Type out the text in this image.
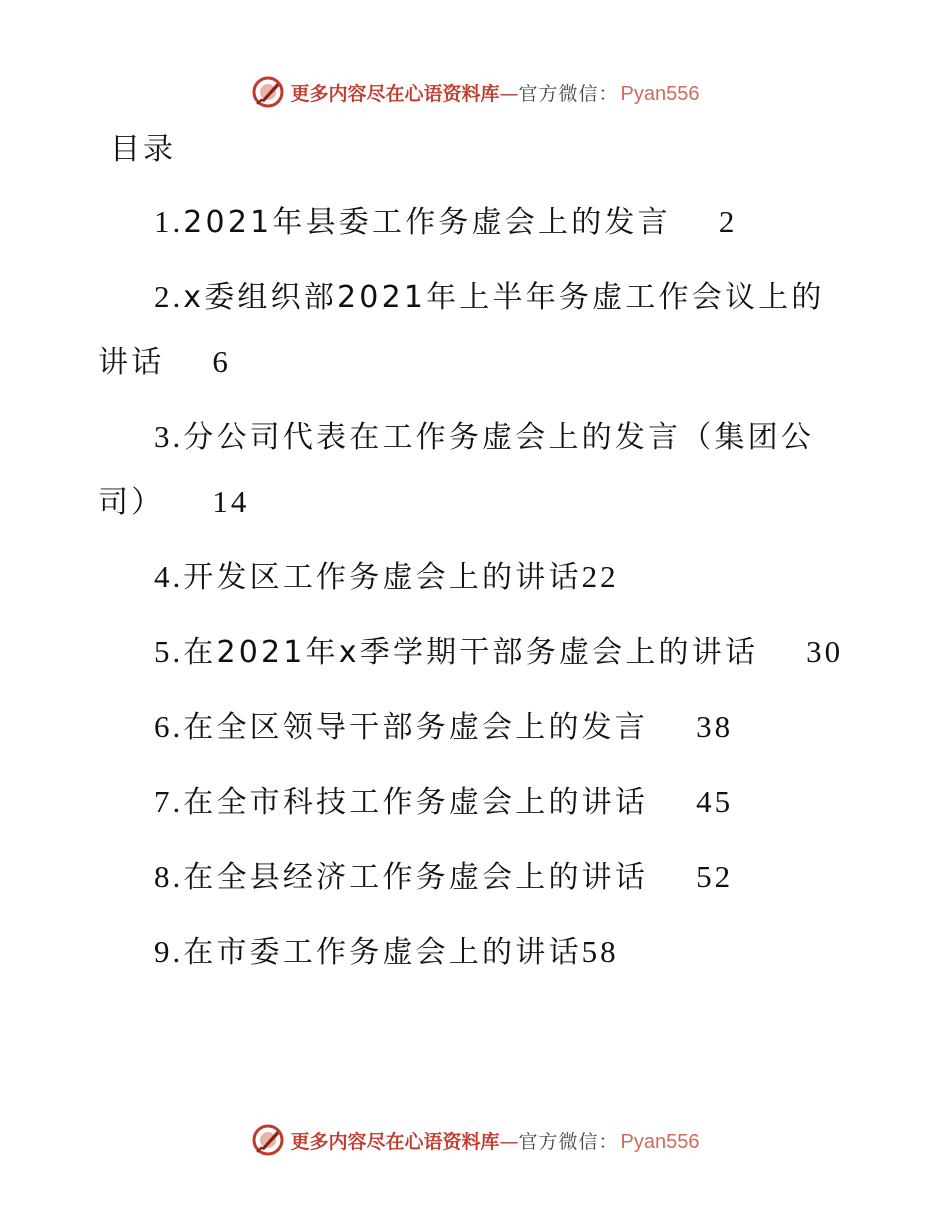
更多内容尽在心语资料库 — 官方微信： Pyan556
目录
1.2021年县委工作务虚会上的发言 2
2.x委组织部2021年上半年务虚工作会议上的讲话 6
3.分公司代表在工作务虚会上的发言（集团公司） 14
4.开发区工作务虚会上的讲话22
5.在2021年x季学期干部务虚会上的讲话 30
6.在全区领导干部务虚会上的发言 38
7.在全市科技工作务虚会上的讲话 45
8.在全县经济工作务虚会上的讲话 52
9.在市委工作务虚会上的讲话58
更多内容尽在心语资料库 — 官方微信： Pyan556
